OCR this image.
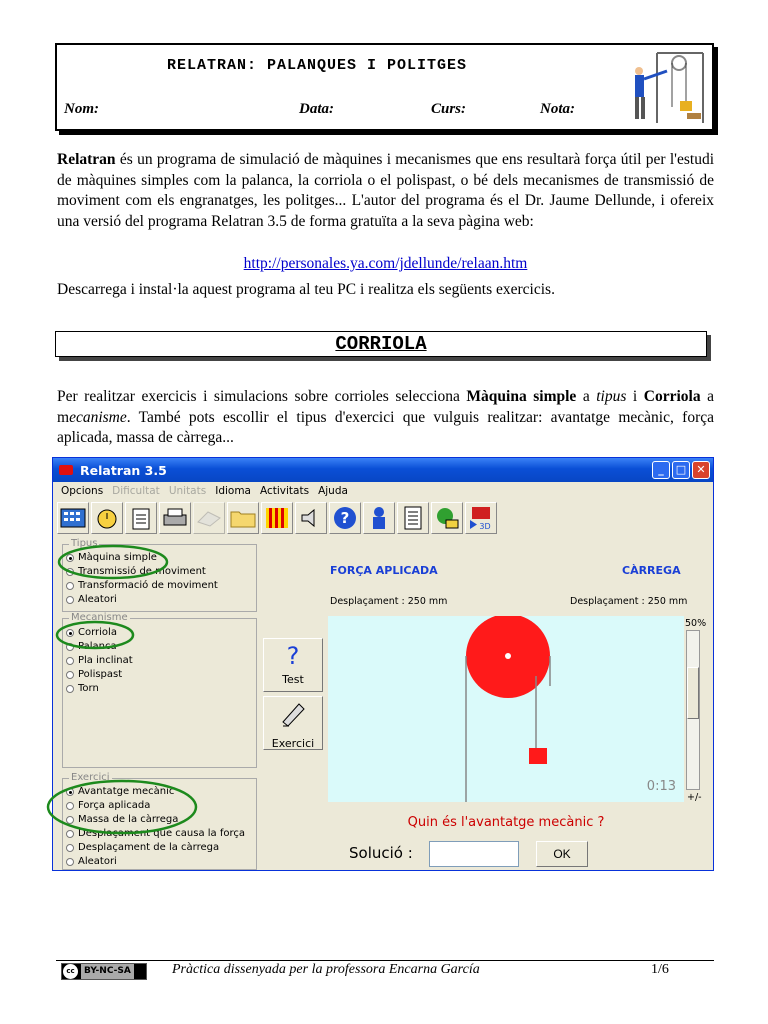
RELATRAN: PALANQUES I POLITGES
Nom:	Data:	Curs:	Nota:
Relatran és un programa de simulació de màquines i mecanismes que ens resultarà força útil per l'estudi de màquines simples com la palanca, la corriola o el polispast, o bé dels mecanismes de transmissió de moviment com els engranatges, les politges... L'autor del programa és el Dr. Jaume Dellunde, i ofereix una versió del programa Relatran 3.5 de forma gratuïta a la seva pàgina web:
http://personales.ya.com/jdellunde/relaan.htm
Descarrega i instal·la aquest programa al teu PC i realitza els següents exercicis.
CORRIOLA
Per realitzar exercicis i simulacions sobre corrioles selecciona Màquina simple a tipus i Corriola a mecanisme. També pots escollir el tipus d'exercici que vulguis realitzar: avantatge mecànic, força aplicada, massa de càrrega...
Relatran 3.5	_	□ ✕
Opcions Dificultat Unitats Idioma Activitats Ajuda
?	3D
Tipus
Màquina simple
Transmissió de moviment
Transformació de moviment
Aleatori
Mecanisme
Corriola
Palanca
Pla inclinat
Polispast
Torn
Exercici
Avantatge mecànic
Força aplicada
Massa de la càrrega
Desplaçament que causa la força
Desplaçament de la càrrega
Aleatori
?
Test
Exercici
FORÇA APLICADA	CÀRREGA
Desplaçament : 250 mm	Desplaçament : 250 mm
0:13
50%
+/-
Quin és l'avantatge mecànic ?
Solució :	OK
cc	BY-NC-SA	Pràctica dissenyada per la professora Encarna García	1/6
